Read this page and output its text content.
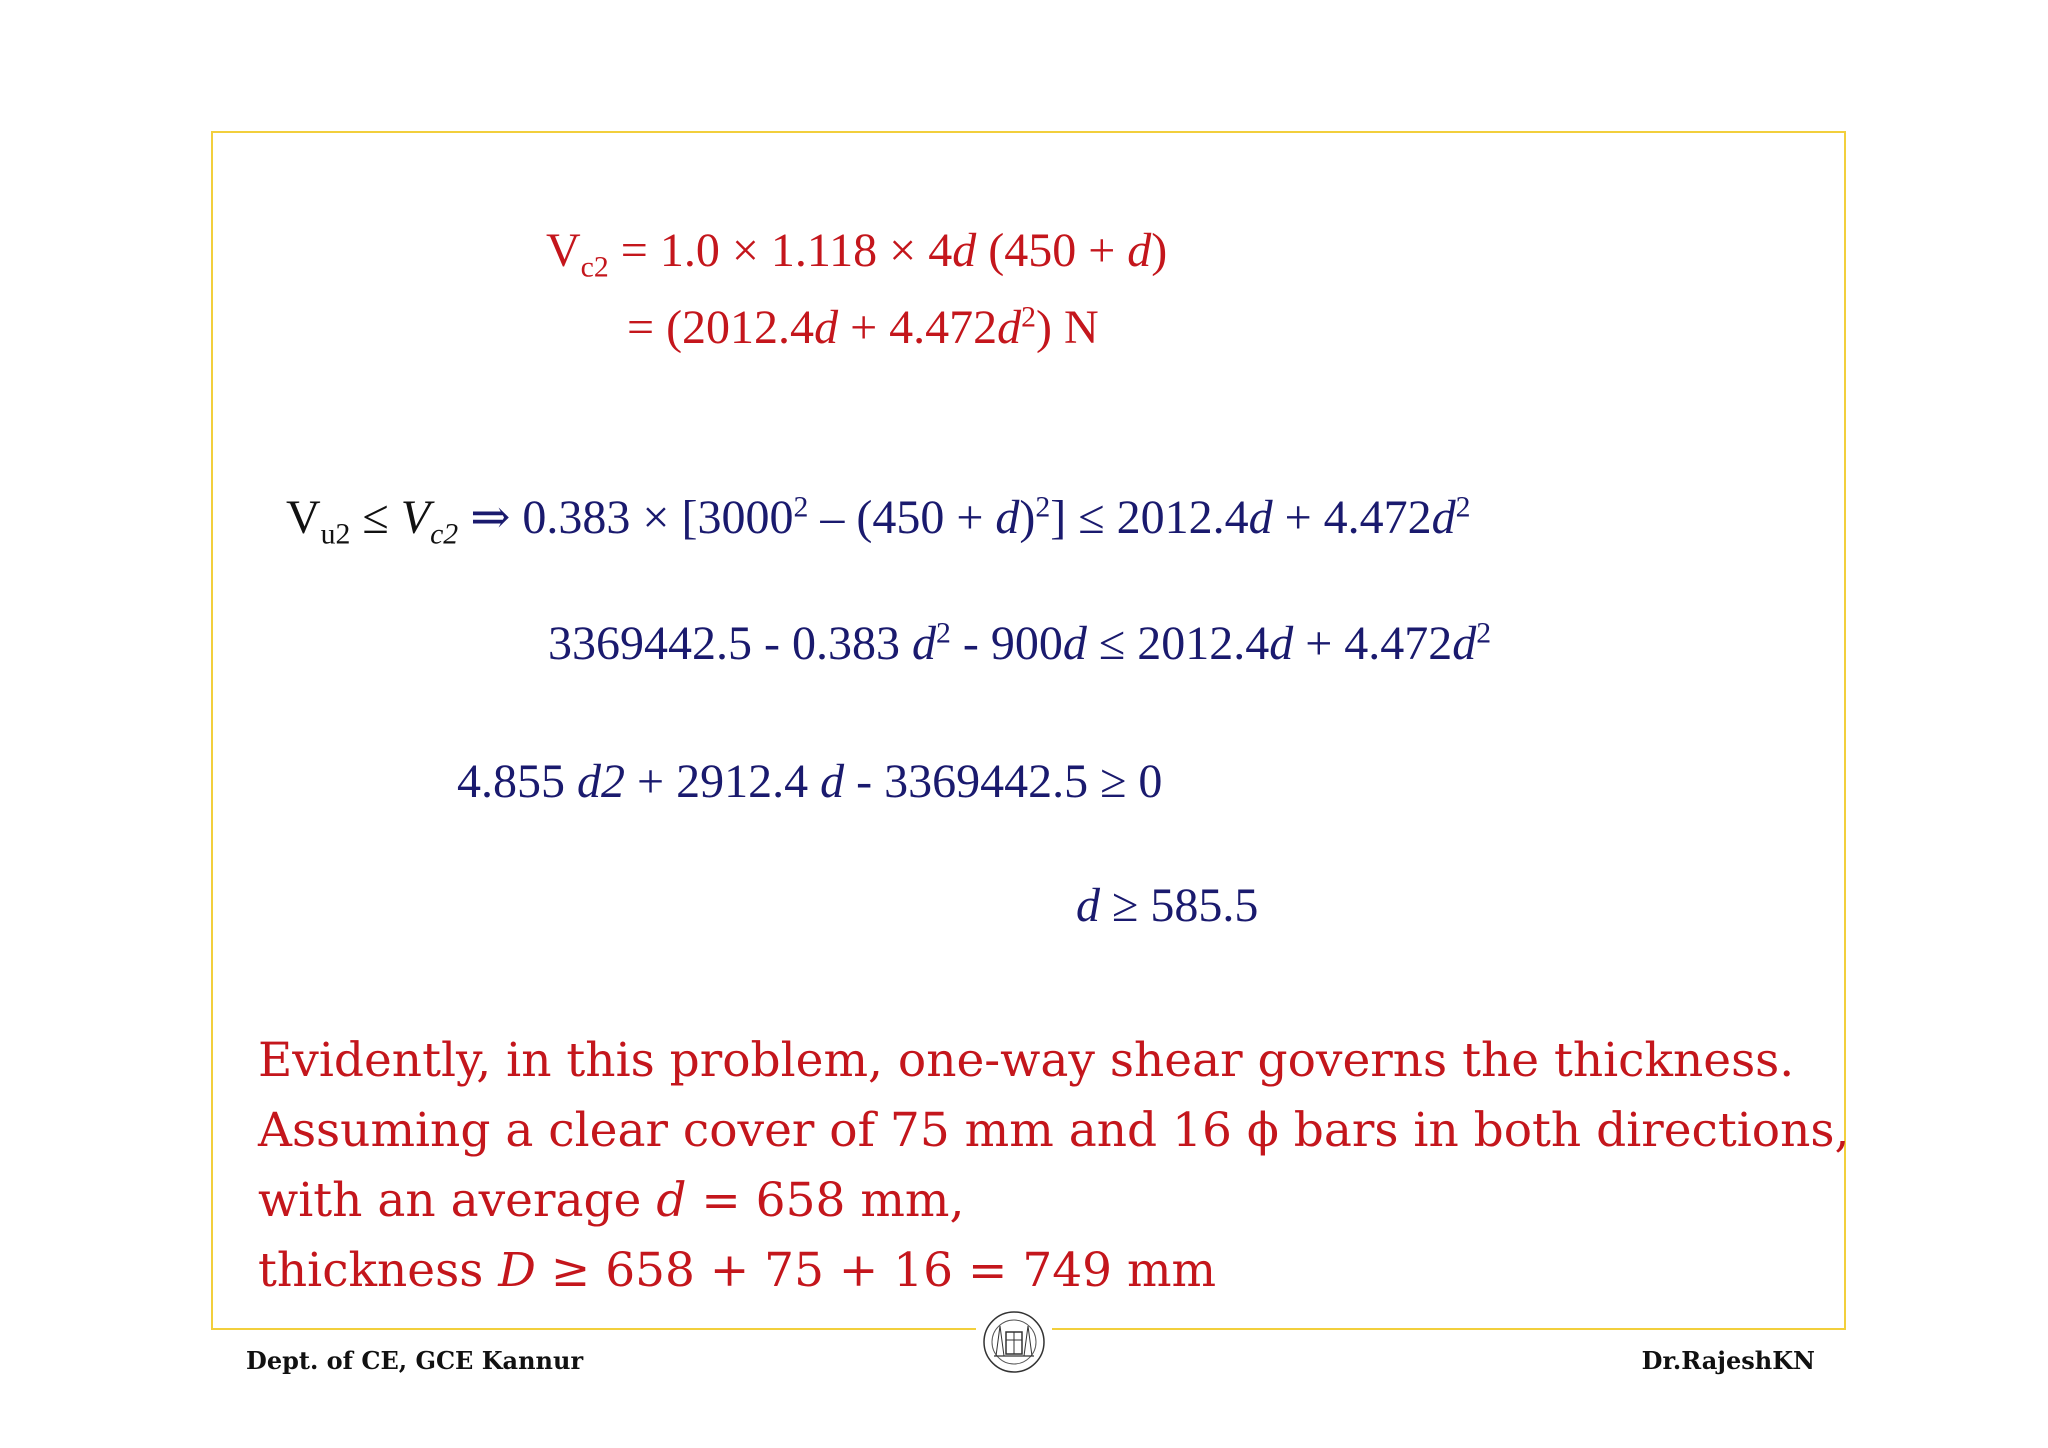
$V_{c2} = 1.0 \times 1.118 \times 4d$ (450 + d)
= $(2012.4d + 4.472d^2)$ N
$V_{u2} \le V_{c2}$ ⇒ $0.383 \times [3000^2 - (450 + d)^2] \le 2012.4d + 4.472d^2$
3369442.5 - 0.383 $d^2 - 900d \le 2012.4d + 4.472d^2$
4.855 d2 + 2912.4 d - 3369442.5 ≥ 0
d ≥ 585.5
Evidently, in this problem, one-way shear governs the thickness.
Assuming a clear cover of 75 mm and 16 ϕ bars in both directions,
with an average d = 658 mm,
thickness D ≥ 658 + 75 + 16 = 749 mm
Dept. of CE, GCE Kannur	Dr.RajeshKN
